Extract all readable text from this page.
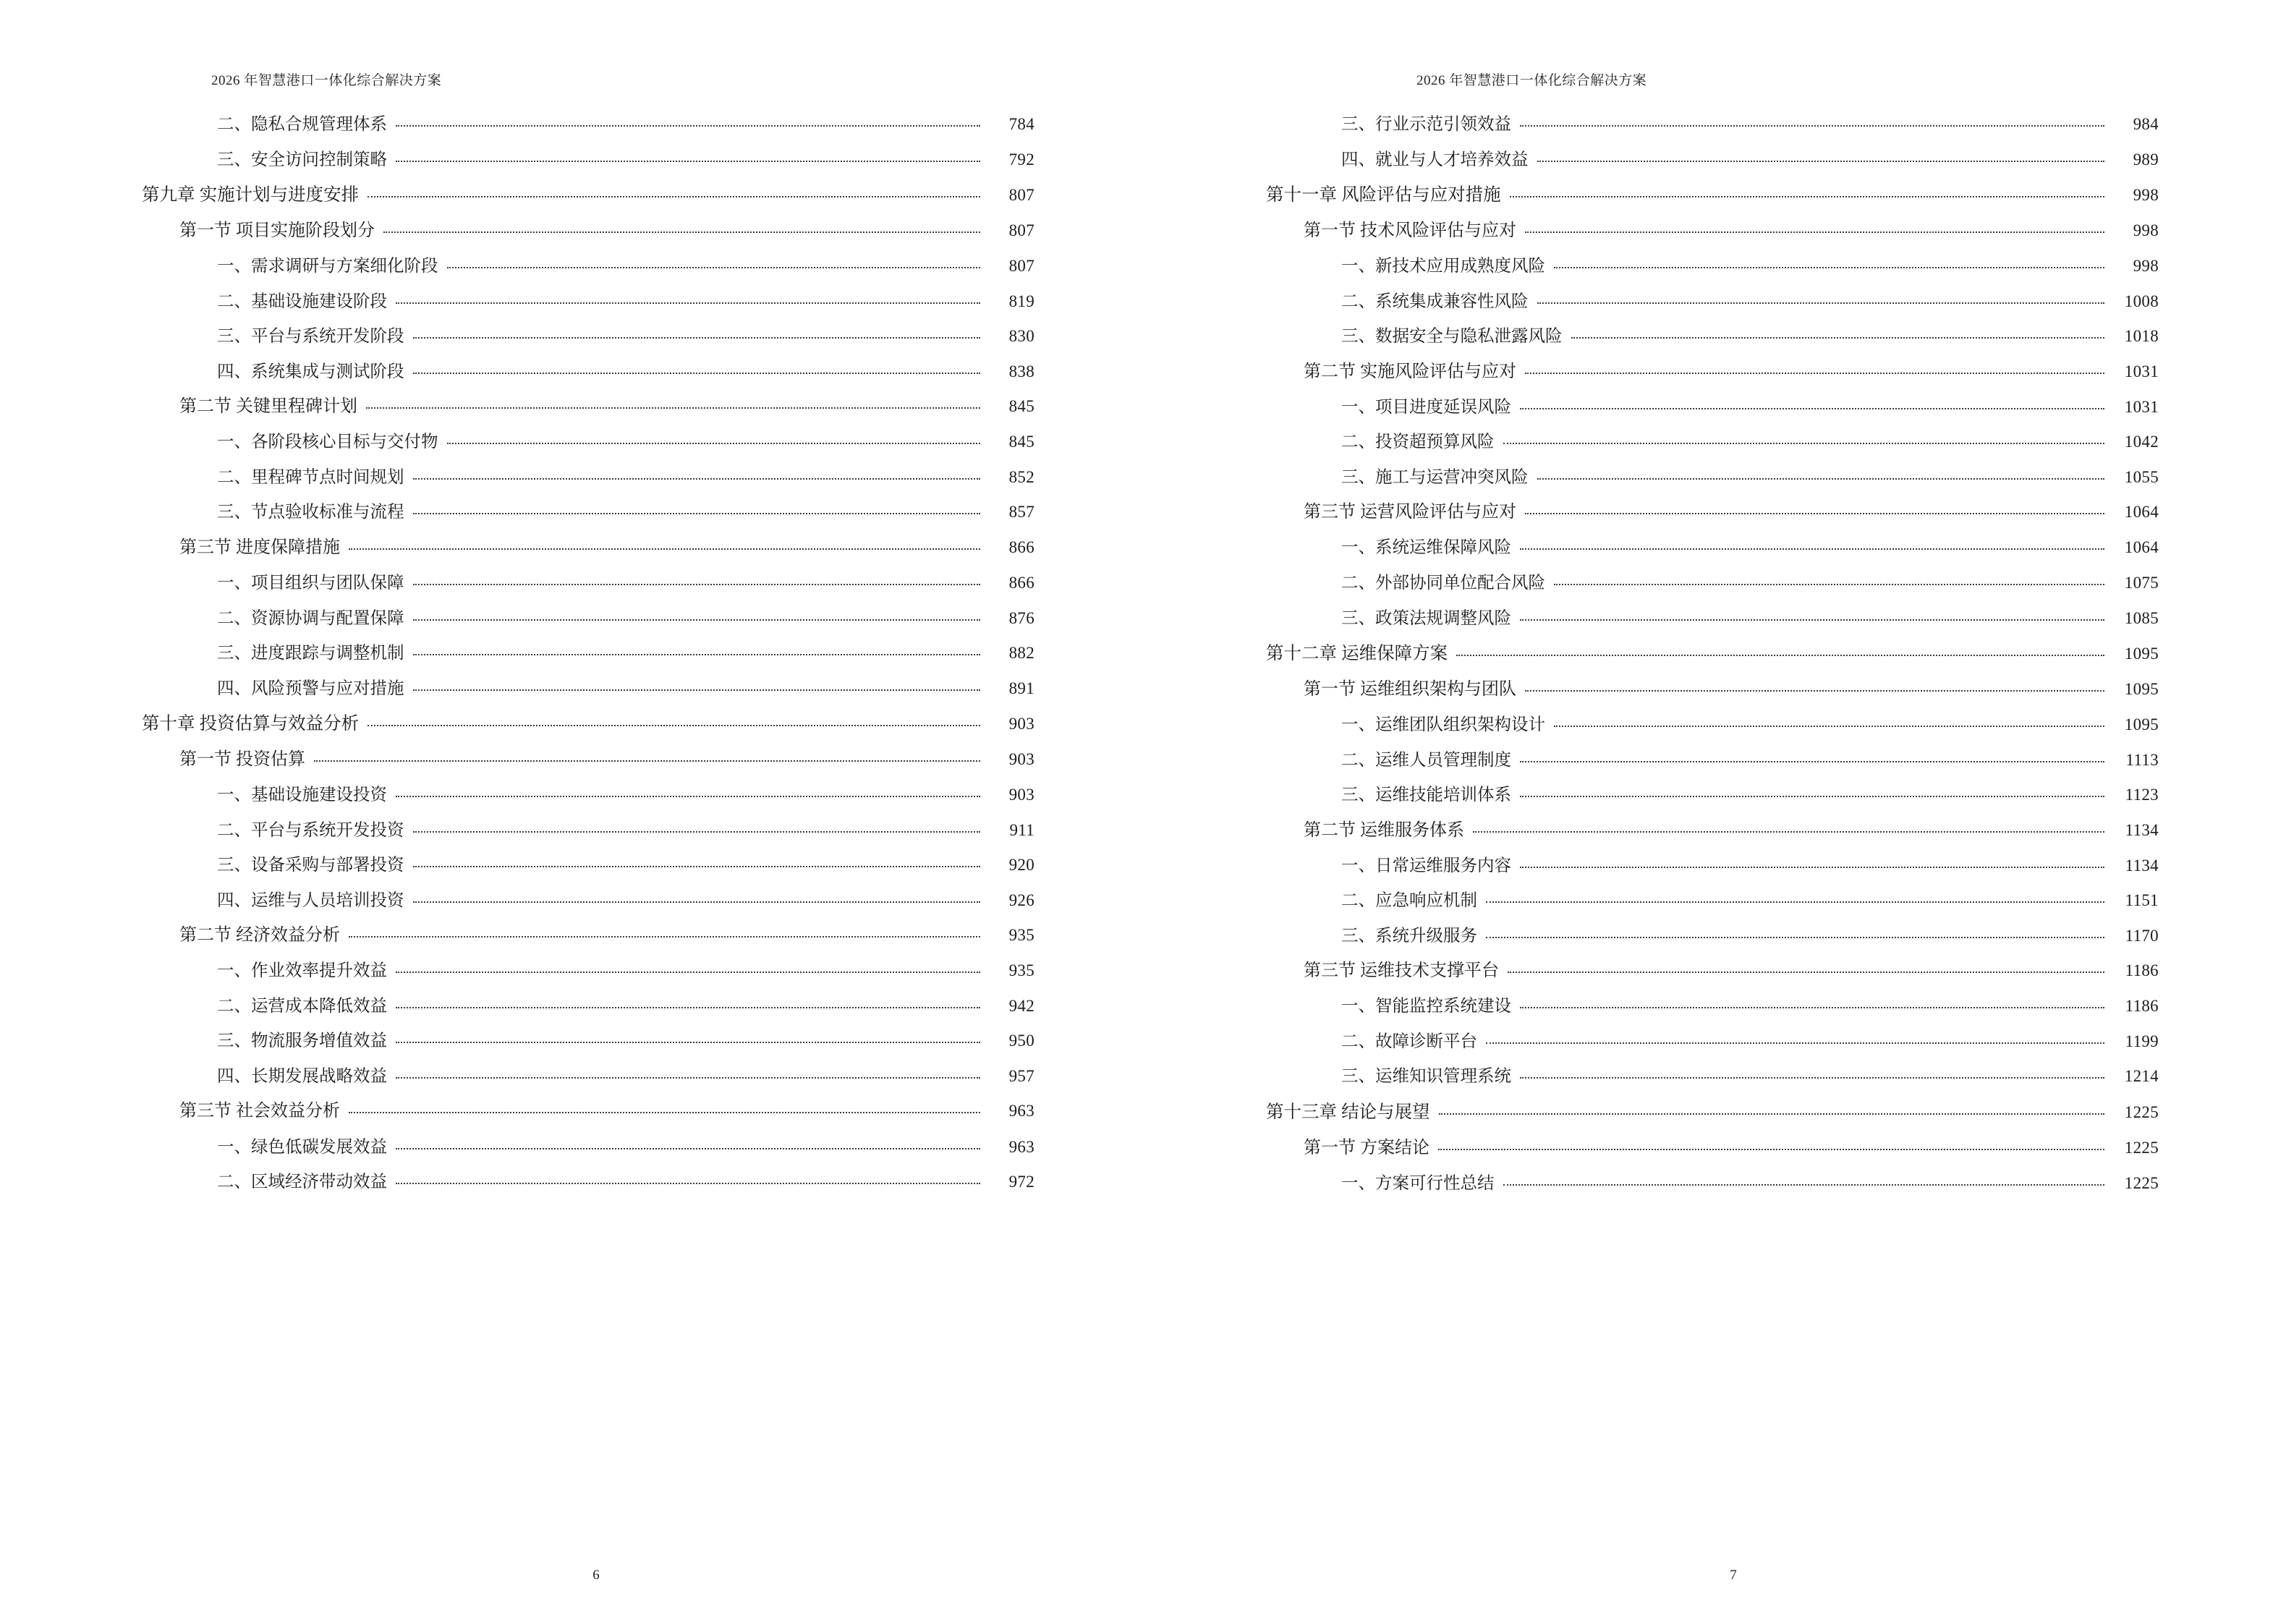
2026 年智慧港口一体化综合解决方案
二、隐私合规管理体系	784
三、安全访问控制策略	792
第九章 实施计划与进度安排	807
第一节 项目实施阶段划分	807
一、需求调研与方案细化阶段	807
二、基础设施建设阶段	819
三、平台与系统开发阶段	830
四、系统集成与测试阶段	838
第二节 关键里程碑计划	845
一、各阶段核心目标与交付物	845
二、里程碑节点时间规划	852
三、节点验收标准与流程	857
第三节 进度保障措施	866
一、项目组织与团队保障	866
二、资源协调与配置保障	876
三、进度跟踪与调整机制	882
四、风险预警与应对措施	891
第十章 投资估算与效益分析	903
第一节 投资估算	903
一、基础设施建设投资	903
二、平台与系统开发投资	911
三、设备采购与部署投资	920
四、运维与人员培训投资	926
第二节 经济效益分析	935
一、作业效率提升效益	935
二、运营成本降低效益	942
三、物流服务增值效益	950
四、长期发展战略效益	957
第三节 社会效益分析	963
一、绿色低碳发展效益	963
二、区域经济带动效益	972
6
2026 年智慧港口一体化综合解决方案
三、行业示范引领效益	984
四、就业与人才培养效益	989
第十一章 风险评估与应对措施	998
第一节 技术风险评估与应对	998
一、新技术应用成熟度风险	998
二、系统集成兼容性风险	1008
三、数据安全与隐私泄露风险	1018
第二节 实施风险评估与应对	1031
一、项目进度延误风险	1031
二、投资超预算风险	1042
三、施工与运营冲突风险	1055
第三节 运营风险评估与应对	1064
一、系统运维保障风险	1064
二、外部协同单位配合风险	1075
三、政策法规调整风险	1085
第十二章 运维保障方案	1095
第一节 运维组织架构与团队	1095
一、运维团队组织架构设计	1095
二、运维人员管理制度	1113
三、运维技能培训体系	1123
第二节 运维服务体系	1134
一、日常运维服务内容	1134
二、应急响应机制	1151
三、系统升级服务	1170
第三节 运维技术支撑平台	1186
一、智能监控系统建设	1186
二、故障诊断平台	1199
三、运维知识管理系统	1214
第十三章 结论与展望	1225
第一节 方案结论	1225
一、方案可行性总结	1225
7
